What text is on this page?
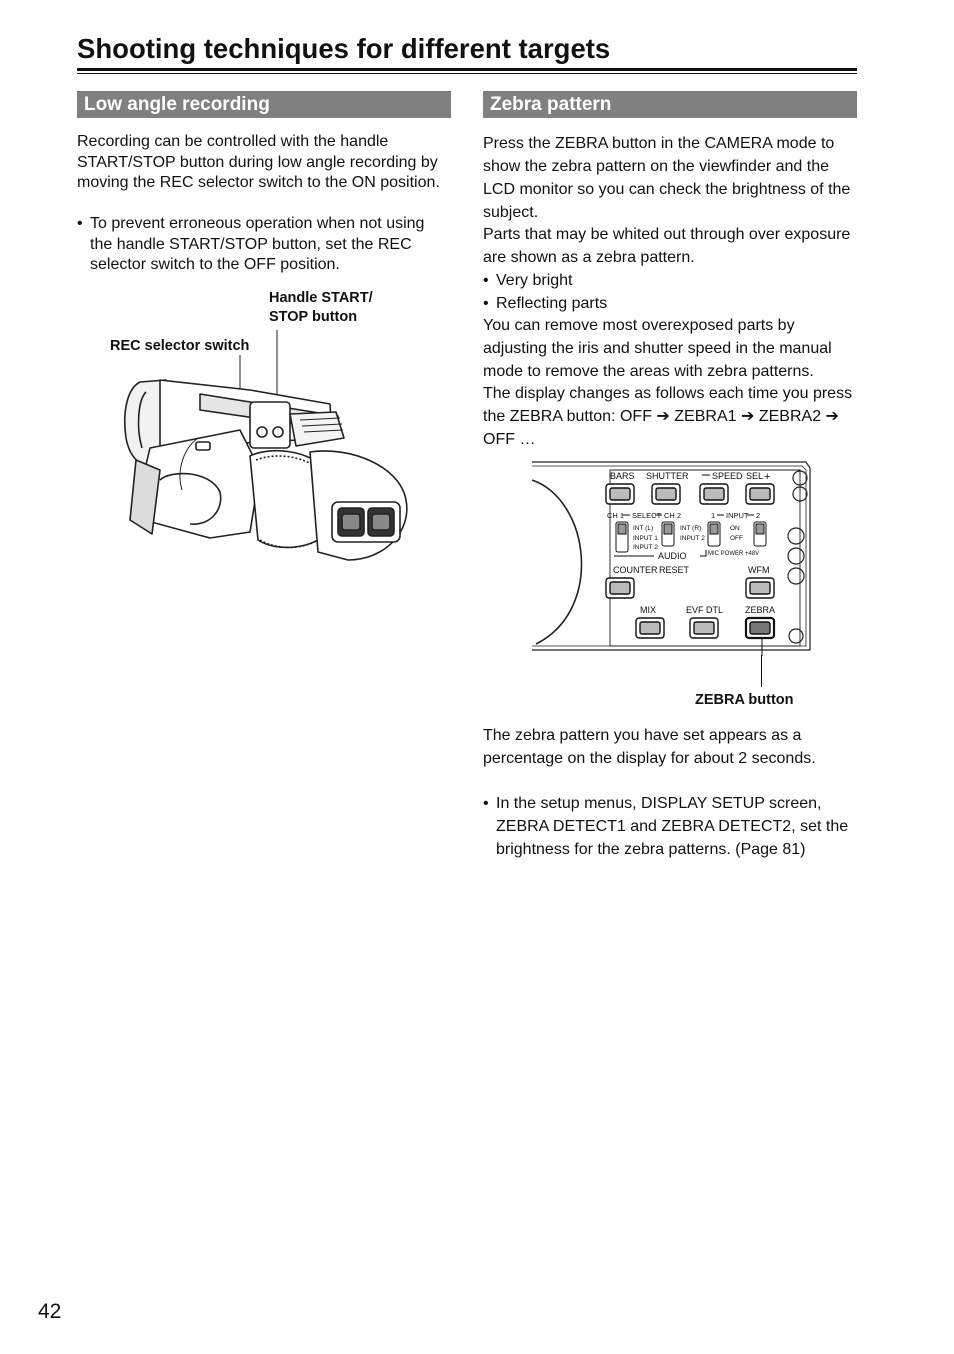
Shooting techniques for different targets
Low angle recording

Recording can be controlled with the handle START/STOP button during low angle recording by moving the REC selector switch to the ON position.

• To prevent erroneous operation when not using the handle START/STOP button, set the REC selector switch to the OFF position.
Handle START/
STOP button
REC selector switch
Zebra pattern

Press the ZEBRA button in the CAMERA mode to show the zebra pattern on the viewfinder and the LCD monitor so you can check the brightness of the subject.

Parts that may be whited out through over exposure are shown as a zebra pattern.

• Very bright
• Reflecting parts

You can remove most overexposed parts by adjusting the iris and shutter speed in the manual mode to remove the areas with zebra patterns.

The display changes as follows each time you press the ZEBRA button: OFF ➔ ZEBRA1 ➔ ZEBRA2 ➔ OFF …

BARS SHUTTER	SPEED SEL +
CH 1 SELECT CH 2	1 INPUT 2
INT (L)
INPUT 1
INPUT 2
INT (R)
INPUT 2
ON
OFF
AUDIO	MIC POWER +48V
COUNTER RESET	WFM
MIX	EVF DTL ZEBRA
ZEBRA button

The zebra pattern you have set appears as a percentage on the display for about 2 seconds.

• In the setup menus, DISPLAY SETUP screen, ZEBRA DETECT1 and ZEBRA DETECT2, set the brightness for the zebra patterns. (Page 81)
42
